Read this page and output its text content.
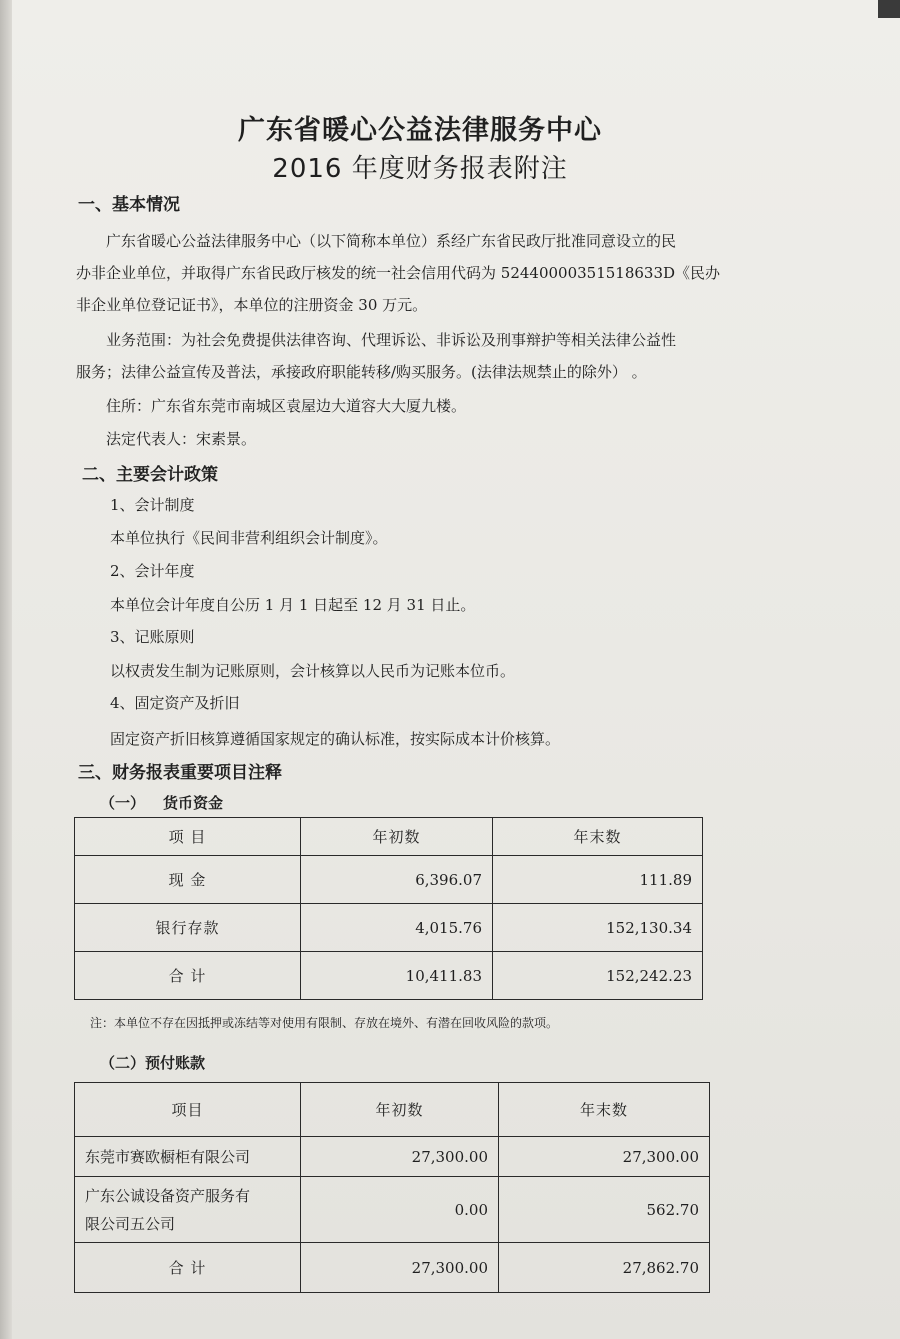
广东省暖心公益法律服务中心
2016 年度财务报表附注
一、基本情况
广东省暖心公益法律服务中心（以下简称本单位）系经广东省民政厅批准同意设立的民
办非企业单位，并取得广东省民政厅核发的统一社会信用代码为 52440000351518633D《民办
非企业单位登记证书》，本单位的注册资金 30 万元。
业务范围：为社会免费提供法律咨询、代理诉讼、非诉讼及刑事辩护等相关法律公益性
服务；法律公益宣传及普法，承接政府职能转移/购买服务。(法律法规禁止的除外） 。
住所：广东省东莞市南城区袁屋边大道容大大厦九楼。
法定代表人：宋素景。
二、主要会计政策
1、会计制度
本单位执行《民间非营利组织会计制度》。
2、会计年度
本单位会计年度自公历 1 月 1 日起至 12 月 31 日止。
3、记账原则
以权责发生制为记账原则，会计核算以人民币为记账本位币。
4、固定资产及折旧
固定资产折旧核算遵循国家规定的确认标准，按实际成本计价核算。
三、财务报表重要项目注释
（一） 货币资金
项 目	年初数	年末数
现 金	6,396.07	111.89
银行存款	4,015.76	152,130.34
合 计	10,411.83	152,242.23
注：本单位不存在因抵押或冻结等对使用有限制、存放在境外、有潜在回收风险的款项。
（二）预付账款
项目	年初数	年末数
东莞市赛欧橱柜有限公司	27,300.00	27,300.00
广东公诚设备资产服务有
限公司五公司	0.00	562.70
合 计	27,300.00	27,862.70
